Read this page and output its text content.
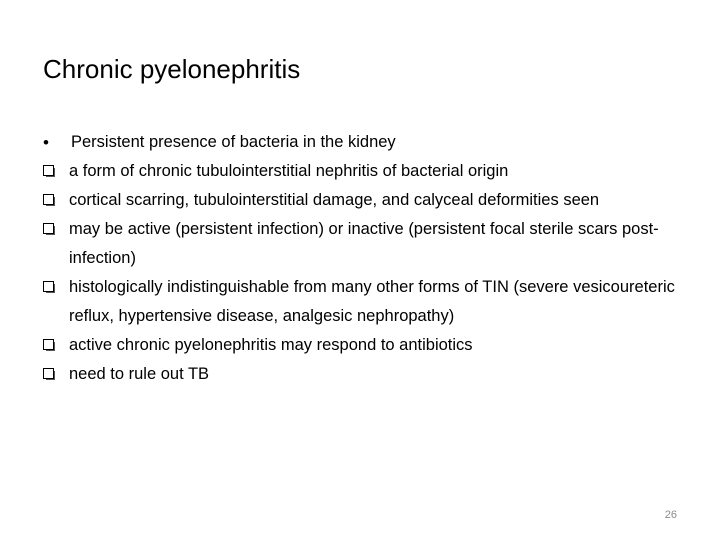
Chronic pyelonephritis
•	Persistent presence of bacteria in the kidney
a form of chronic tubulointerstitial nephritis of bacterial origin
cortical scarring, tubulointerstitial damage, and calyceal deformities seen
may be active (persistent infection) or inactive (persistent focal sterile scars post-infection)
histologically indistinguishable from many other forms of TIN (severe vesicoureteric reflux, hypertensive disease, analgesic nephropathy)
active chronic pyelonephritis may respond to antibiotics
need to rule out TB
26
